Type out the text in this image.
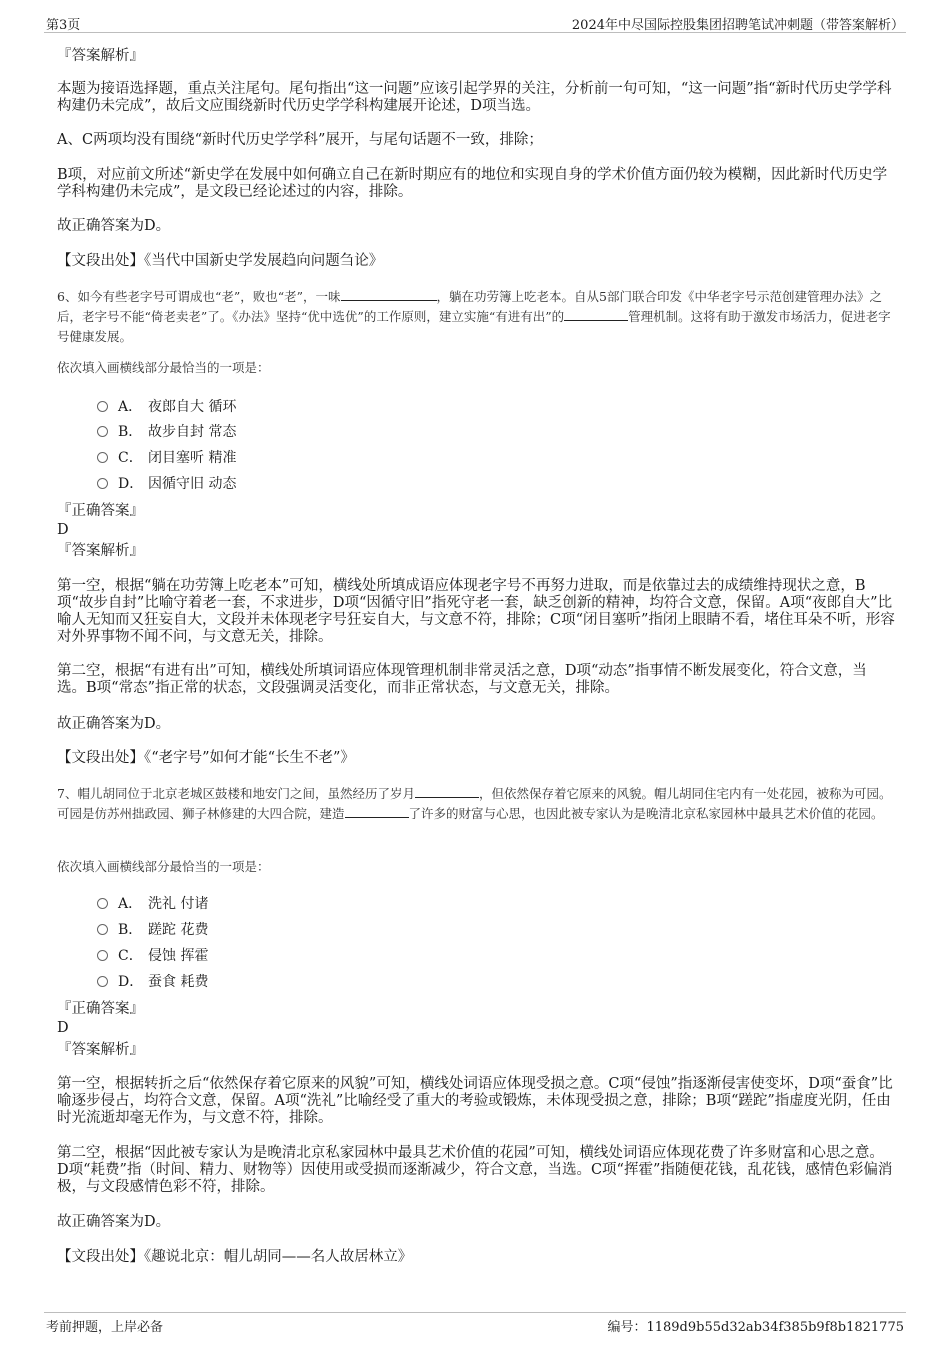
第3页	2024年中尽国际控股集团招聘笔试冲刺题（带答案解析）
『答案解析』
本题为接语选择题，重点关注尾句。尾句指出“这一问题”应该引起学界的关注，分析前一句可知，“这一问题”指“新时代历史学学科构建仍未完成”，故后文应围绕新时代历史学学科构建展开论述，D项当选。
A、C两项均没有围绕“新时代历史学学科”展开，与尾句话题不一致，排除；
B项，对应前文所述“新史学在发展中如何确立自己在新时期应有的地位和实现自身的学术价值方面仍较为模糊，因此新时代历史学学科构建仍未完成”，是文段已经论述过的内容，排除。
故正确答案为D。
【文段出处】《当代中国新史学发展趋向问题刍论》
6、如今有些老字号可谓成也“老”，败也“老”，一味	，躺在功劳簿上吃老本。自从5部门联合印发《中华老字号示范创建管理办法》之后，老字号不能“倚老卖老”了。《办法》坚持“优中选优”的工作原则，建立实施“有进有出”的	管理机制。这将有助于激发市场活力，促进老字号健康发展。
依次填入画横线部分最恰当的一项是：
A． 夜郎自大 循环
B． 故步自封 常态
C． 闭目塞听 精准
D． 因循守旧 动态
『正确答案』
D
『答案解析』
第一空，根据“躺在功劳簿上吃老本”可知，横线处所填成语应体现老字号不再努力进取，而是依靠过去的成绩维持现状之意，B项“故步自封”比喻守着老一套，不求进步，D项“因循守旧”指死守老一套，缺乏创新的精神，均符合文意，保留。A项“夜郎自大”比喻人无知而又狂妄自大，文段并未体现老字号狂妄自大，与文意不符，排除；C项“闭目塞听”指闭上眼睛不看，堵住耳朵不听，形容对外界事物不闻不问，与文意无关，排除。
第二空，根据“有进有出”可知，横线处所填词语应体现管理机制非常灵活之意，D项“动态”指事情不断发展变化，符合文意，当选。B项“常态”指正常的状态，文段强调灵活变化，而非正常状态，与文意无关，排除。
故正确答案为D。
【文段出处】《“老字号”如何才能“长生不老”》
7、帽儿胡同位于北京老城区鼓楼和地安门之间，虽然经历了岁月	，但依然保存着它原来的风貌。帽儿胡同住宅内有一处花园，被称为可园。可园是仿苏州拙政园、狮子林修建的大四合院，建造	了许多的财富与心思，也因此被专家认为是晚清北京私家园林中最具艺术价值的花园。
依次填入画横线部分最恰当的一项是：
A． 洗礼 付诸
B． 蹉跎 花费
C． 侵蚀 挥霍
D． 蚕食 耗费
『正确答案』
D
『答案解析』
第一空，根据转折之后“依然保存着它原来的风貌”可知，横线处词语应体现受损之意。C项“侵蚀”指逐渐侵害使变坏，D项“蚕食”比喻逐步侵占，均符合文意，保留。A项“洗礼”比喻经受了重大的考验或锻炼，未体现受损之意，排除；B项“蹉跎”指虚度光阴，任由时光流逝却毫无作为，与文意不符，排除。
第二空，根据“因此被专家认为是晚清北京私家园林中最具艺术价值的花园”可知，横线处词语应体现花费了许多财富和心思之意。D项“耗费”指（时间、精力、财物等）因使用或受损而逐渐减少，符合文意，当选。C项“挥霍”指随便花钱，乱花钱，感情色彩偏消极，与文段感情色彩不符，排除。
故正确答案为D。
【文段出处】《趣说北京：帽儿胡同——名人故居林立》
考前押题，上岸必备	编号：1189d9b55d32ab34f385b9f8b1821775
